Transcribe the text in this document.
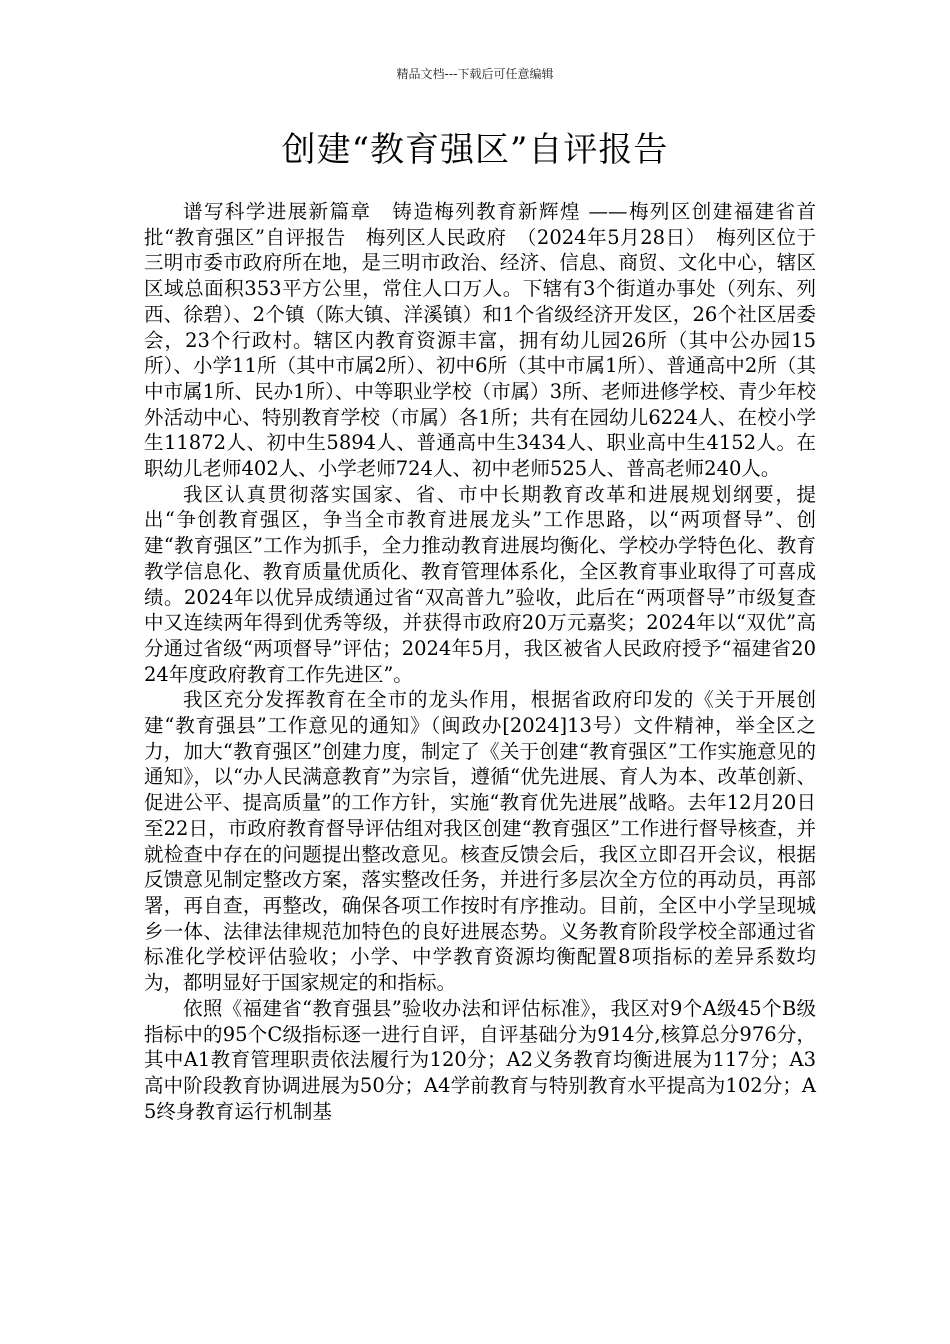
精品文档---下载后可任意编辑
创建“教育强区”自评报告

谱写科学进展新篇章　铸造梅列教育新辉煌 ——梅列区创建福建省首批“教育强区”自评报告　梅列区人民政府　（2024年5月28日）　梅列区位于三明市委市政府所在地，是三明市政治、经济、信息、商贸、文化中心，辖区区域总面积353平方公里，常住人口万人。下辖有3个街道办事处（列东、列西、徐碧）、2个镇（陈大镇、洋溪镇）和1个省级经济开发区，26个社区居委会，23个行政村。辖区内教育资源丰富，拥有幼儿园26所（其中公办园15所）、小学11所（其中市属2所）、初中6所（其中市属1所）、普通高中2所（其中市属1所、民办1所）、中等职业学校（市属）3所、老师进修学校、青少年校外活动中心、特别教育学校（市属）各1所；共有在园幼儿6224人、在校小学生11872人、初中生5894人、普通高中生3434人、职业高中生4152人。在职幼儿老师402人、小学老师724人、初中老师525人、普高老师240人。

我区认真贯彻落实国家、省、市中长期教育改革和进展规划纲要，提出“争创教育强区，争当全市教育进展龙头”工作思路，以“两项督导”、创建“教育强区”工作为抓手，全力推动教育进展均衡化、学校办学特色化、教育教学信息化、教育质量优质化、教育管理体系化，全区教育事业取得了可喜成绩。2024年以优异成绩通过省“双高普九”验收，此后在“两项督导”市级复查中又连续两年得到优秀等级，并获得市政府20万元嘉奖；2024年以“双优”高分通过省级“两项督导”评估；2024年5月，我区被省人民政府授予“福建省2024年度政府教育工作先进区”。

我区充分发挥教育在全市的龙头作用，根据省政府印发的《关于开展创建“教育强县”工作意见的通知》（闽政办[2024]13号）文件精神，举全区之力，加大“教育强区”创建力度，制定了《关于创建“教育强区”工作实施意见的通知》，以“办人民满意教育”为宗旨，遵循“优先进展、育人为本、改革创新、促进公平、提高质量”的工作方针，实施“教育优先进展”战略。去年12月20日至22日，市政府教育督导评估组对我区创建“教育强区”工作进行督导核查，并就检查中存在的问题提出整改意见。核查反馈会后，我区立即召开会议，根据反馈意见制定整改方案，落实整改任务，并进行多层次全方位的再动员，再部署，再自查，再整改，确保各项工作按时有序推动。目前，全区中小学呈现城乡一体、法律法律规范加特色的良好进展态势。义务教育阶段学校全部通过省标准化学校评估验收；小学、中学教育资源均衡配置8项指标的差异系数均为，都明显好于国家规定的和指标。

依照《福建省“教育强县”验收办法和评估标准》，我区对9个A级45个B级指标中的95个C级指标逐一进行自评，自评基础分为914分,核算总分976分，其中A1教育管理职责依法履行为120分；A2义务教育均衡进展为117分；A3高中阶段教育协调进展为50分；A4学前教育与特别教育水平提高为102分；A5终身教育运行机制基
